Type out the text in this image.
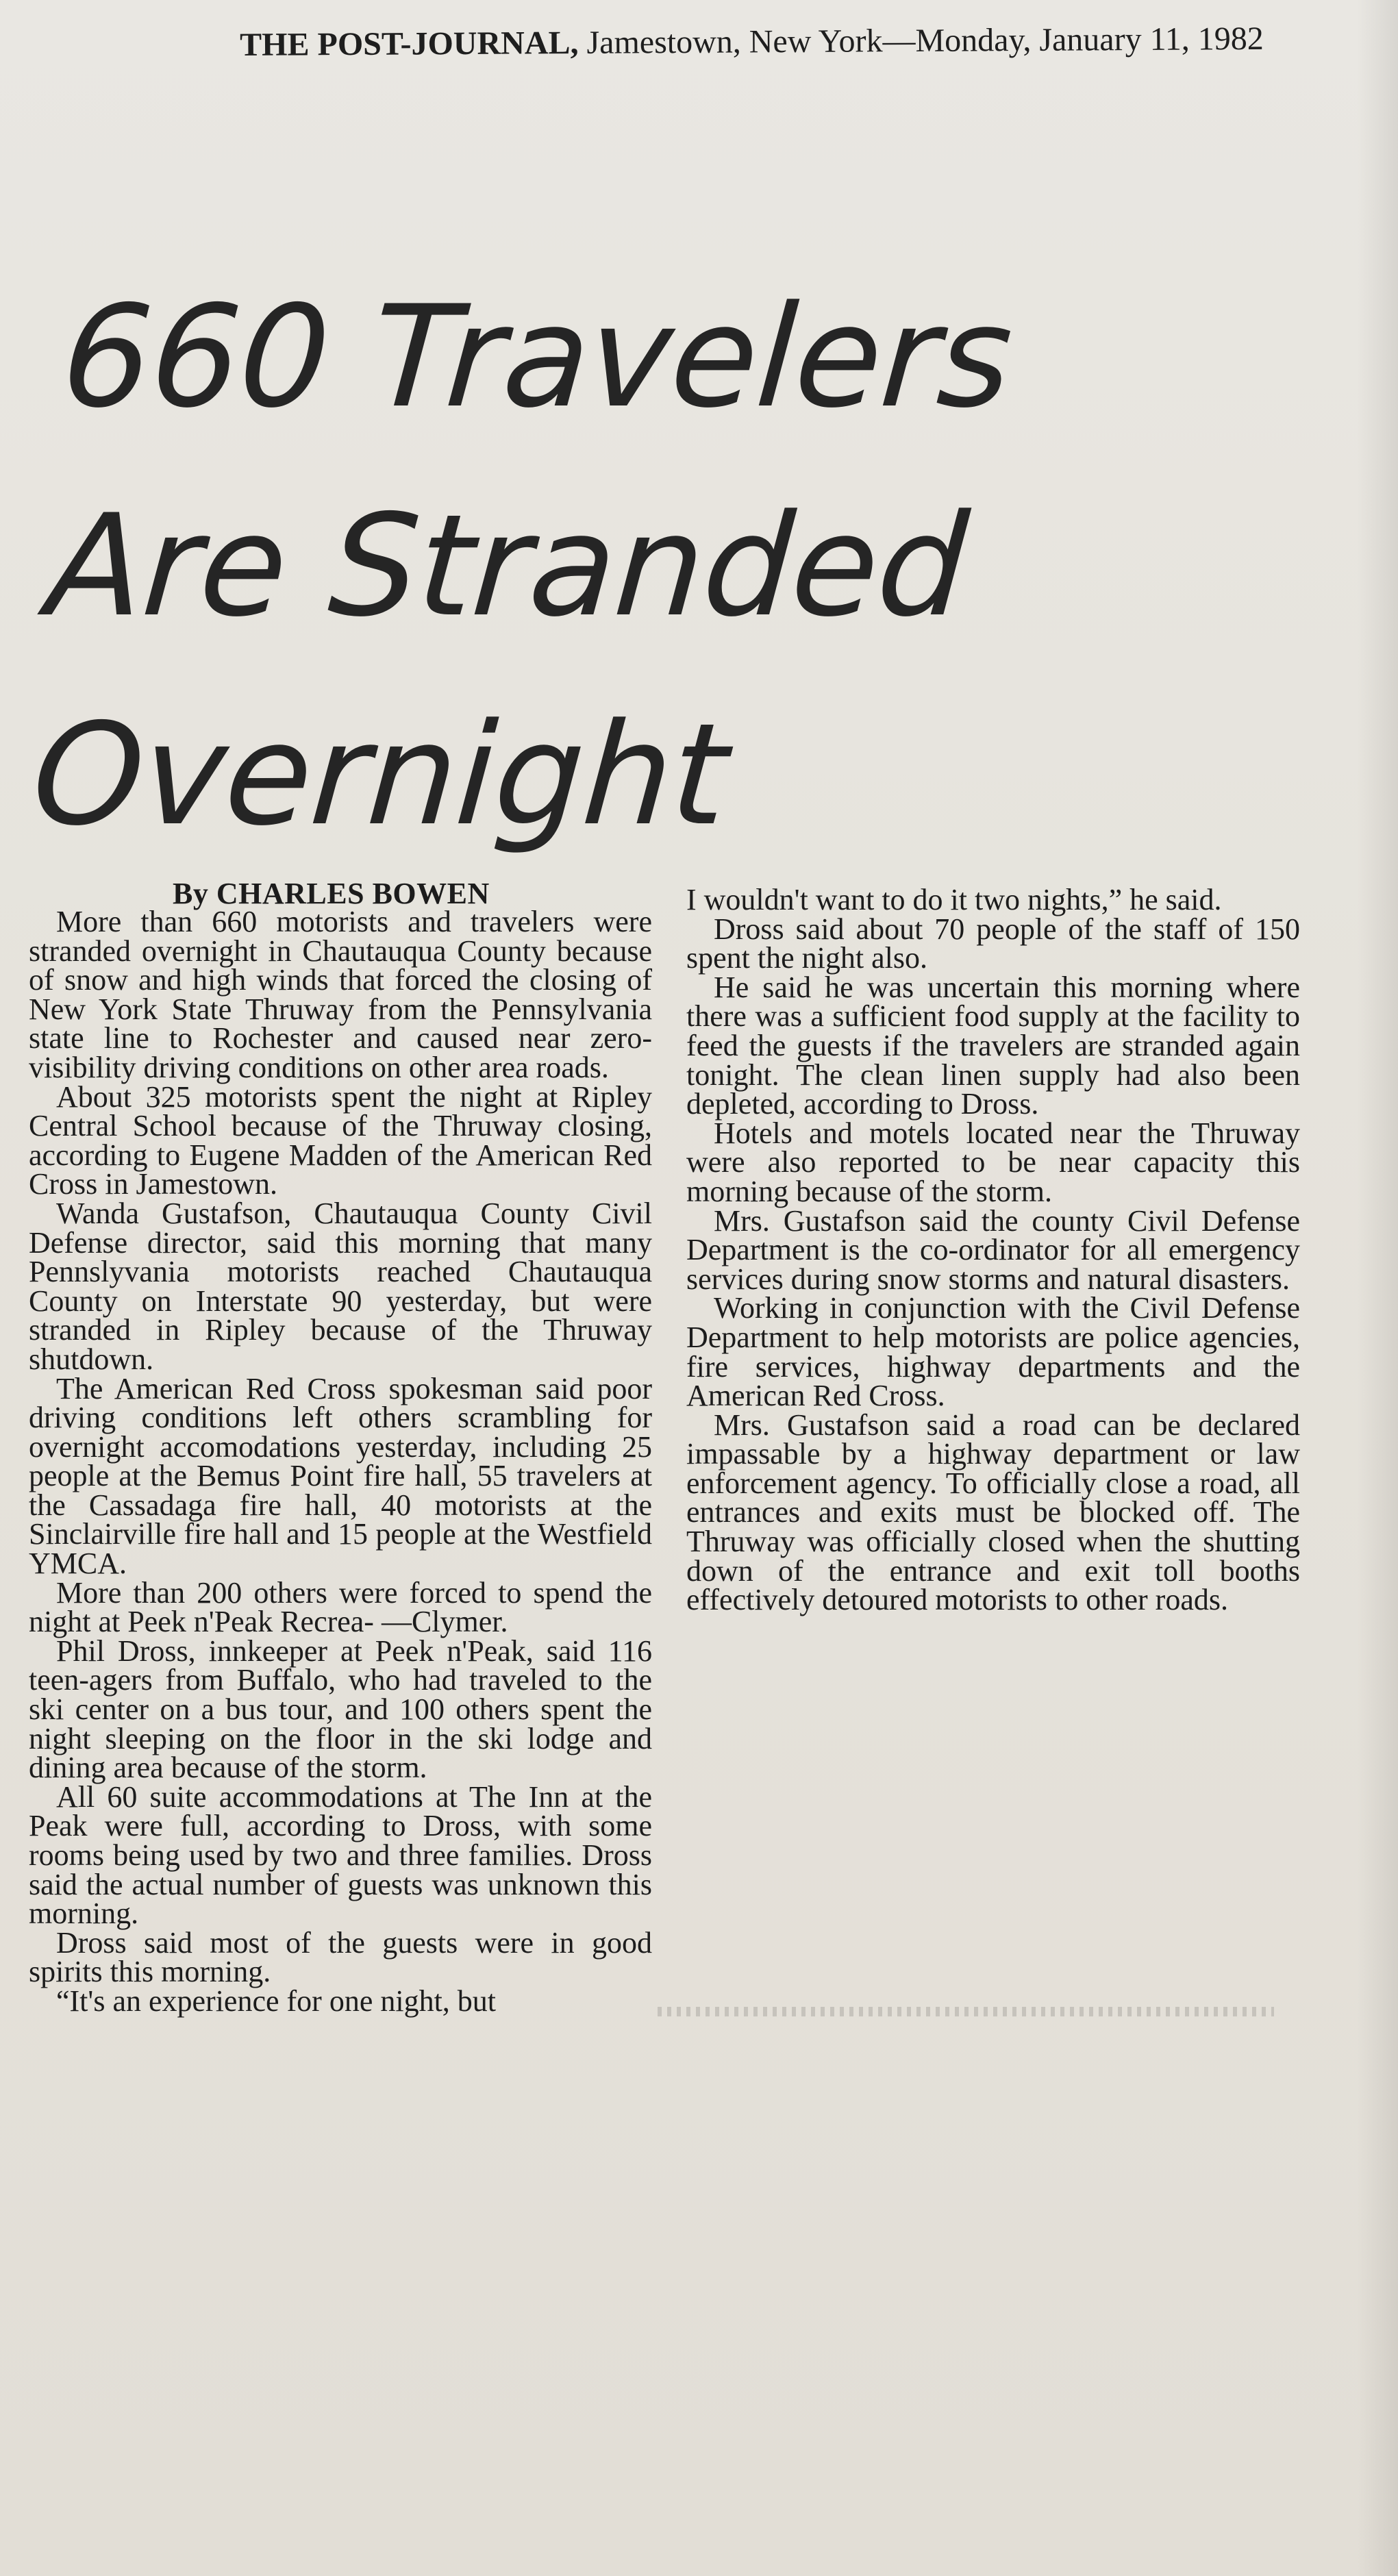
THE POST-JOURNAL, Jamestown, New York—Monday, January 11, 1982
660 Travelers
Are Stranded
Overnight
By CHARLES BOWEN

More than 660 motorists and travelers were stranded overnight in Chautauqua County because of snow and high winds that forced the closing of New York State Thruway from the Pennsylvania state line to Rochester and caused near zero-visibility driving conditions on other area roads.

About 325 motorists spent the night at Ripley Central School because of the Thruway closing, according to Eugene Madden of the American Red Cross in Jamestown.

Wanda Gustafson, Chautauqua County Civil Defense director, said this morning that many Pennslyvania motorists reached Chautauqua County on Interstate 90 yesterday, but were stranded in Ripley because of the Thruway shutdown.

The American Red Cross spokesman said poor driving conditions left others scrambling for overnight accomodations yesterday, including 25 people at the Bemus Point fire hall, 55 travelers at the Cassadaga fire hall, 40 motorists at the Sinclairville fire hall and 15 people at the Westfield YMCA.

More than 200 others were forced to spend the night at Peek n'Peak Recrea- —Clymer.

Phil Dross, innkeeper at Peek n'Peak, said 116 teen-agers from Buffalo, who had traveled to the ski center on a bus tour, and 100 others spent the night sleeping on the floor in the ski lodge and dining area because of the storm.

All 60 suite accommodations at The Inn at the Peak were full, according to Dross, with some rooms being used by two and three families. Dross said the actual number of guests was unknown this morning.

Dross said most of the guests were in good spirits this morning.

“It's an experience for one night, but

I wouldn't want to do it two nights,” he said.

Dross said about 70 people of the staff of 150 spent the night also.

He said he was uncertain this morning where there was a sufficient food supply at the facility to feed the guests if the travelers are stranded again tonight. The clean linen supply had also been depleted, according to Dross.

Hotels and motels located near the Thruway were also reported to be near capacity this morning because of the storm.

Mrs. Gustafson said the county Civil Defense Department is the co-ordinator for all emergency services during snow storms and natural disasters.

Working in conjunction with the Civil Defense Department to help motorists are police agencies, fire services, highway departments and the American Red Cross.

Mrs. Gustafson said a road can be declared impassable by a highway department or law enforcement agency. To officially close a road, all entrances and exits must be blocked off. The Thruway was officially closed when the shutting down of the entrance and exit toll booths effectively detoured motorists to other roads.
